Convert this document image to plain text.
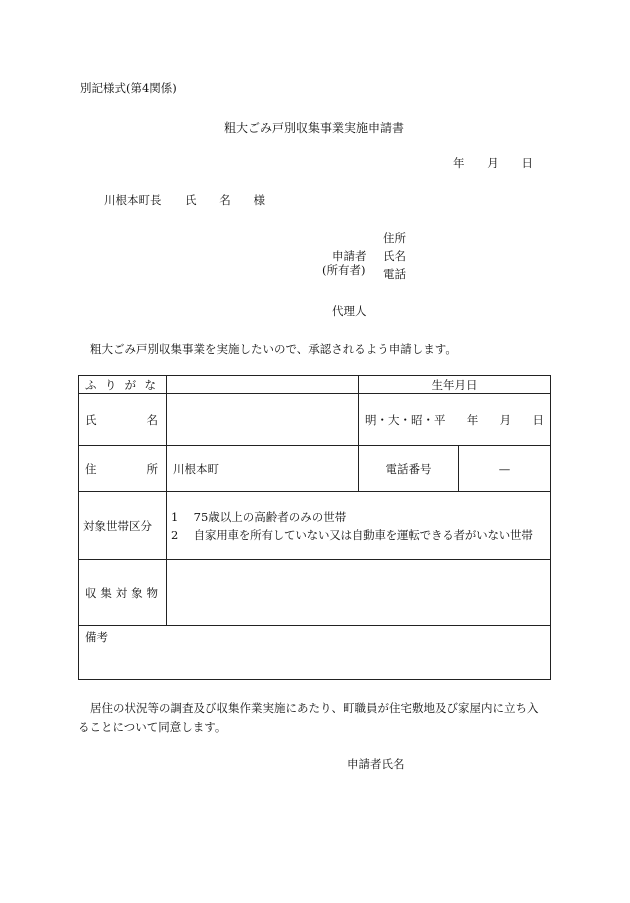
別記様式(第4関係)
粗大ごみ戸別収集事業実施申請書
年 月 日
川根本町長 氏 名 様
住所
申請者 氏名
(所有者) 電話
代理人
粗大ごみ戸別収集事業を実施したいので、承認されるよう申請します。
ふ り が な		生年月日	

氏 名		明・大・昭・平 年 月 日	

住 所	川根本町	電話番号	—
対象世帯区分	1 75歳以上の高齢者のみの世帯
2 自家用車を所有していない又は自動車を運転できる者がいない世帯		

収 集 対 象 物			

備考			
居住の状況等の調査及び収集作業実施にあたり、町職員が住宅敷地及び家屋内に立ち入
ることについて同意します。
申請者氏名
